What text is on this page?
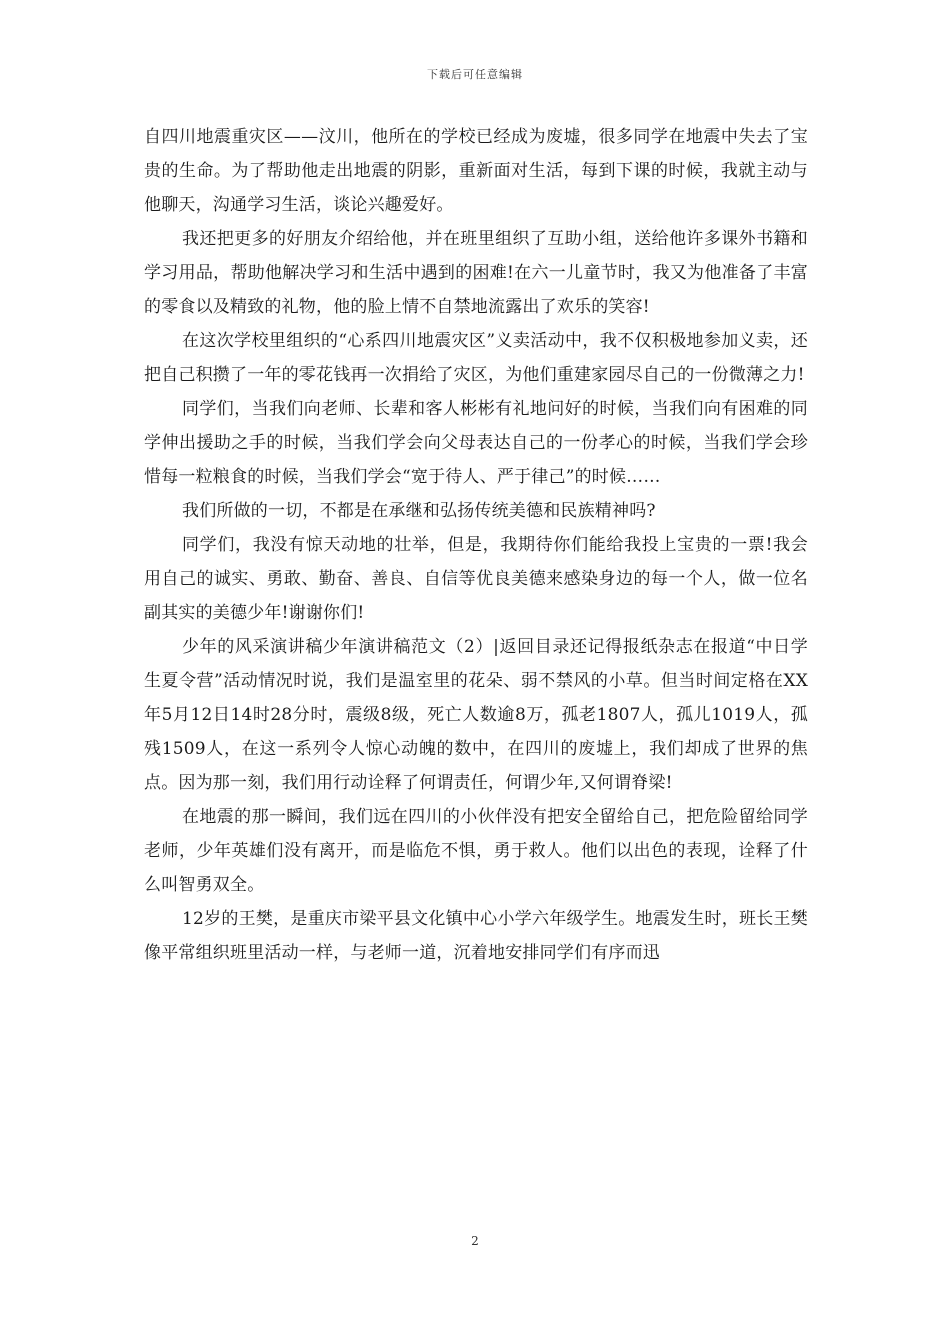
下载后可任意编辑

自四川地震重灾区——汶川，他所在的学校已经成为废墟，很多同学在地震中失去了宝贵的生命。为了帮助他走出地震的阴影，重新面对生活，每到下课的时候，我就主动与他聊天，沟通学习生活，谈论兴趣爱好。

我还把更多的好朋友介绍给他，并在班里组织了互助小组，送给他许多课外书籍和学习用品，帮助他解决学习和生活中遇到的困难!在六一儿童节时，我又为他准备了丰富的零食以及精致的礼物，他的脸上情不自禁地流露出了欢乐的笑容!

在这次学校里组织的“心系四川地震灾区”义卖活动中，我不仅积极地参加义卖，还把自己积攒了一年的零花钱再一次捐给了灾区，为他们重建家园尽自己的一份微薄之力!

同学们，当我们向老师、长辈和客人彬彬有礼地问好的时候，当我们向有困难的同学伸出援助之手的时候，当我们学会向父母表达自己的一份孝心的时候，当我们学会珍惜每一粒粮食的时候，当我们学会“宽于待人、严于律己”的时候……

我们所做的一切，不都是在承继和弘扬传统美德和民族精神吗?

同学们，我没有惊天动地的壮举，但是，我期待你们能给我投上宝贵的一票!我会用自己的诚实、勇敢、勤奋、善良、自信等优良美德来感染身边的每一个人，做一位名副其实的美德少年!谢谢你们!

少年的风采演讲稿少年演讲稿范文（2）|返回目录还记得报纸杂志在报道“中日学生夏令营”活动情况时说，我们是温室里的花朵、弱不禁风的小草。但当时间定格在XX年5月12日14时28分时，震级8级，死亡人数逾8万，孤老1807人，孤儿1019人，孤残1509人，在这一系列令人惊心动魄的数中，在四川的废墟上，我们却成了世界的焦点。因为那一刻，我们用行动诠释了何谓责任，何谓少年,又何谓脊梁!

在地震的那一瞬间，我们远在四川的小伙伴没有把安全留给自己，把危险留给同学老师，少年英雄们没有离开，而是临危不惧，勇于救人。他们以出色的表现，诠释了什么叫智勇双全。

12岁的王樊，是重庆市梁平县文化镇中心小学六年级学生。地震发生时，班长王樊像平常组织班里活动一样，与老师一道，沉着地安排同学们有序而迅

2
